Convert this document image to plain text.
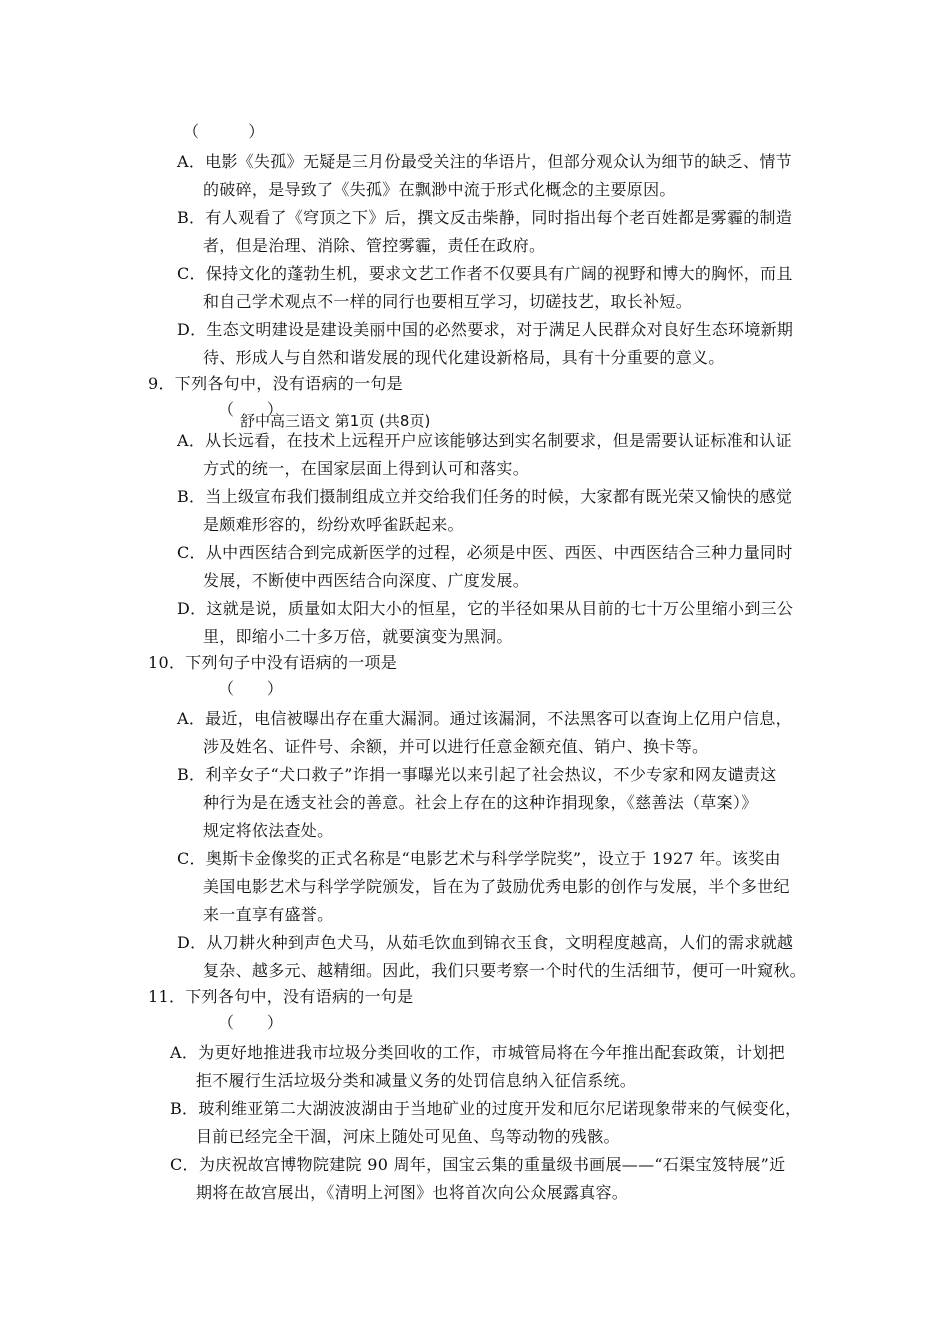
（　　　）
A．电影《失孤》无疑是三月份最受关注的华语片，但部分观众认为细节的缺乏、情节
的破碎，是导致了《失孤》在飘渺中流于形式化概念的主要原因。
B．有人观看了《穹顶之下》后，撰文反击柴静，同时指出每个老百姓都是雾霾的制造
者，但是治理、消除、管控雾霾，责任在政府。
C．保持文化的蓬勃生机，要求文艺工作者不仅要具有广阔的视野和博大的胸怀，而且
和自己学术观点不一样的同行也要相互学习，切磋技艺，取长补短。
D．生态文明建设是建设美丽中国的必然要求，对于满足人民群众对良好生态环境新期
待、形成人与自然和谐发展的现代化建设新格局，具有十分重要的意义。
9．下列各句中，没有语病的一句是
（　　）
舒中高三语文 第1页 (共8页)
A．从长远看，在技术上远程开户应该能够达到实名制要求，但是需要认证标准和认证
方式的统一，在国家层面上得到认可和落实。
B．当上级宣布我们摄制组成立并交给我们任务的时候，大家都有既光荣又愉快的感觉
是颇难形容的，纷纷欢呼雀跃起来。
C．从中西医结合到完成新医学的过程，必须是中医、西医、中西医结合三种力量同时
发展，不断使中西医结合向深度、广度发展。
D．这就是说，质量如太阳大小的恒星，它的半径如果从目前的七十万公里缩小到三公
里，即缩小二十多万倍，就要演变为黑洞。
10．下列句子中没有语病的一项是
（　　）
A．最近，电信被曝出存在重大漏洞。通过该漏洞，不法黑客可以查询上亿用户信息，
涉及姓名、证件号、余额，并可以进行任意金额充值、销户、换卡等。
B．利辛女子“犬口救子”诈捐一事曝光以来引起了社会热议，不少专家和网友谴责这
种行为是在透支社会的善意。社会上存在的这种诈捐现象，《慈善法（草案）》
规定将依法查处。
C．奥斯卡金像奖的正式名称是“电影艺术与科学学院奖”，设立于 1927 年。该奖由
美国电影艺术与科学学院颁发，旨在为了鼓励优秀电影的创作与发展，半个多世纪
来一直享有盛誉。
D．从刀耕火种到声色犬马，从茹毛饮血到锦衣玉食，文明程度越高，人们的需求就越
复杂、越多元、越精细。因此，我们只要考察一个时代的生活细节，便可一叶窥秋。
11．下列各句中，没有语病的一句是
（　　）
A．为更好地推进我市垃圾分类回收的工作，市城管局将在今年推出配套政策，计划把
拒不履行生活垃圾分类和减量义务的处罚信息纳入征信系统。
B．玻利维亚第二大湖波波湖由于当地矿业的过度开发和厄尔尼诺现象带来的气候变化，
目前已经完全干涸，河床上随处可见鱼、鸟等动物的残骸。
C．为庆祝故宫博物院建院 90 周年，国宝云集的重量级书画展——“石渠宝笈特展”近
期将在故宫展出，《清明上河图》也将首次向公众展露真容。
